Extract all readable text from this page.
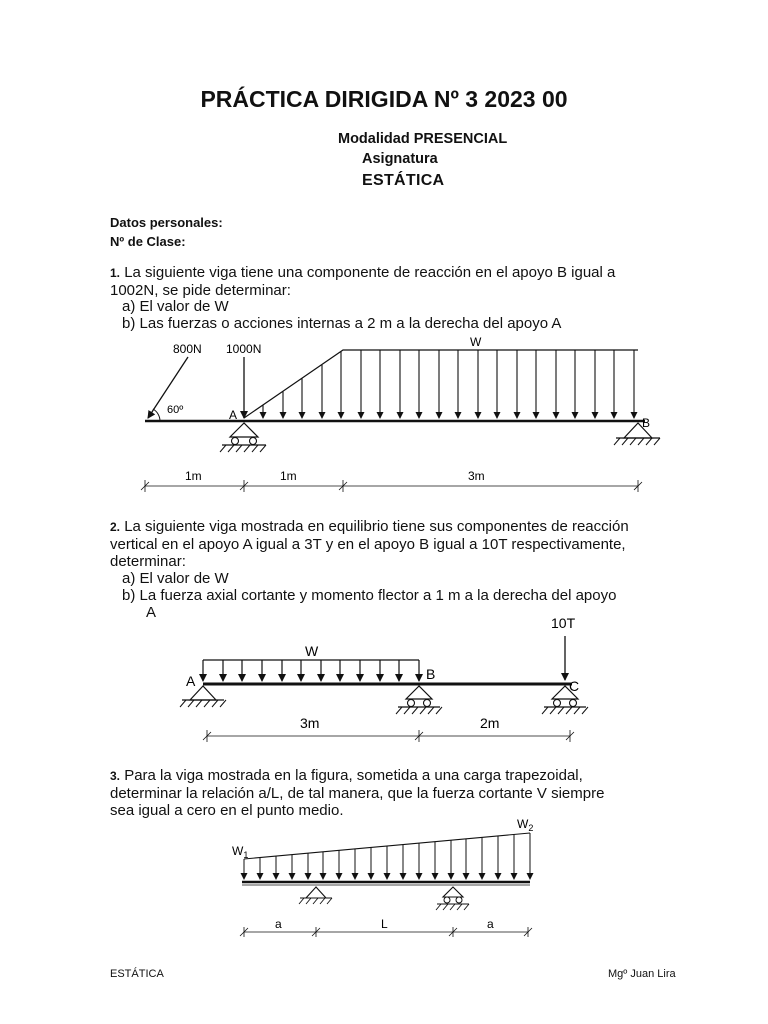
PRÁCTICA DIRIGIDA Nº 3 2023 00
Modalidad PRESENCIAL
Asignatura
ESTÁTICA
Datos personales:
Nº de Clase:
1. La siguiente viga tiene una componente de reacción en el apoyo B igual a
1002N, se pide determinar:
a) El valor de W
b) Las fuerzas o acciones internas a 2 m a la derecha del apoyo A
2. La siguiente viga mostrada en equilibrio tiene sus componentes de reacción
vertical en el apoyo A igual a 3T y en el apoyo B igual a 10T respectivamente,
determinar:
a) El valor de W
b) La fuerza axial cortante y momento flector a 1 m a la derecha del apoyo
A
3. Para la viga mostrada en la figura, sometida a una carga trapezoidal,
determinar la relación a/L, de tal manera, que la fuerza cortante V siempre
sea igual a cero en el punto medio.
60º
800N 1000N	W
A
B
1m	1m	3m
W
10T
A	B
C
3m	2m
$W_1$
$W_2$
a	L	a
ESTÁTICA	Mgº Juan Lira
